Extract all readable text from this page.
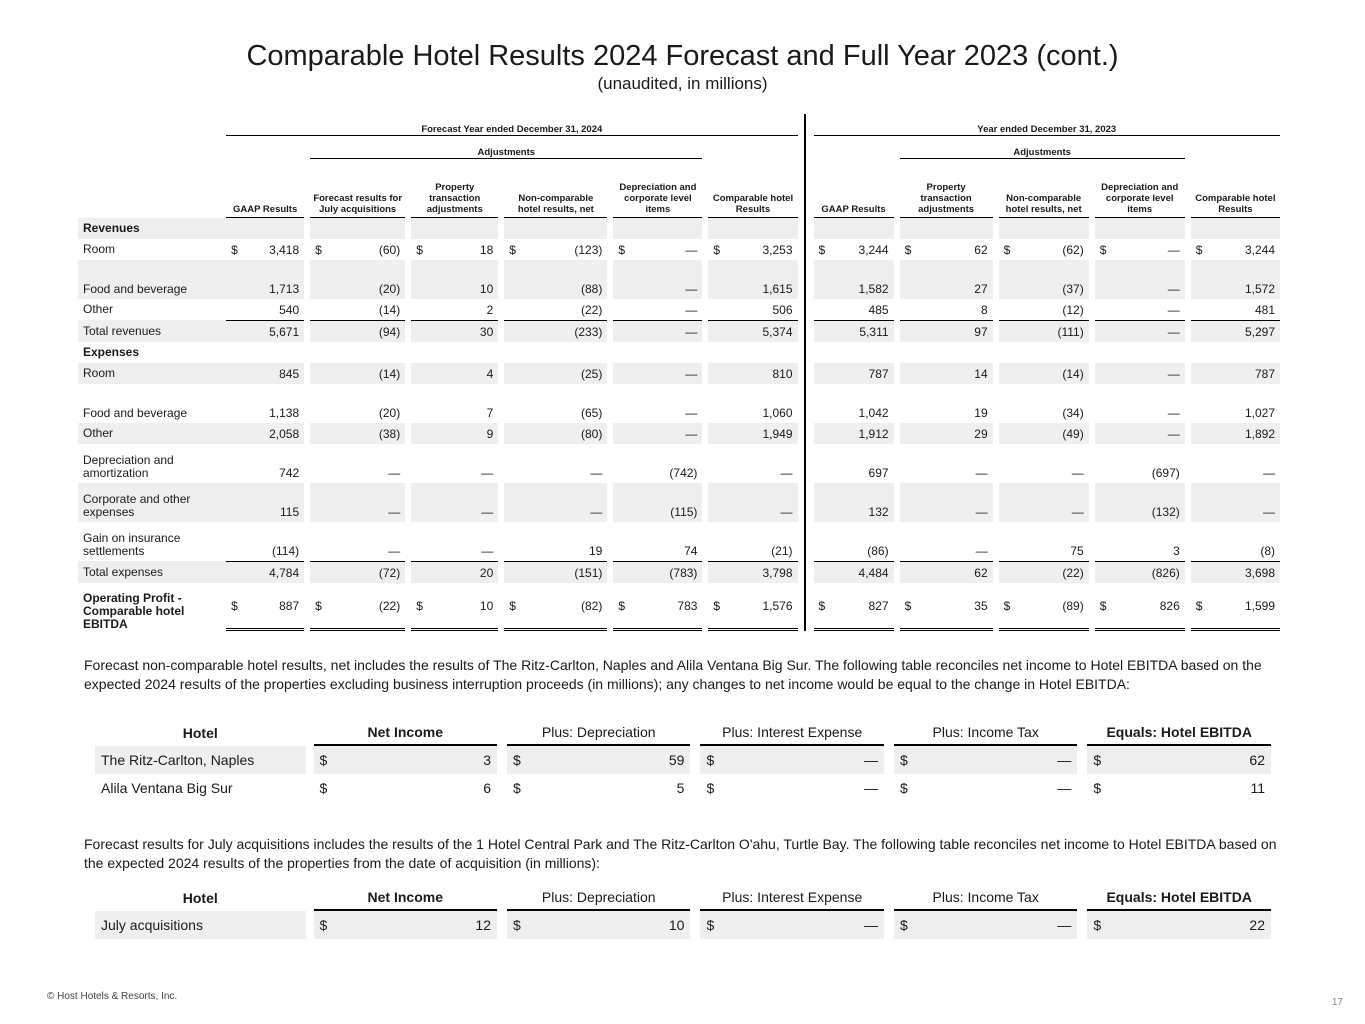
Comparable Hotel Results 2024 Forecast and Full Year 2023 (cont.)
(unaudited, in millions)
	Forecast Year ended December 31, 2024													Year ended December 31, 2023								
			Adjustments													Adjustments						
	GAAP Results		Forecast results for July acquisitions		Property transaction adjustments		Non-comparable hotel results, net		Depreciation and corporate level items		Comparable hotel Results			GAAP Results		Property transaction adjustments		Non-comparable hotel results, net		Depreciation and corporate level items		Comparable hotel Results
Revenues																						
Room	$ 3,418		$ (60)		$ 18		$ (123)		$ —		$ 3,253			$ 3,244		$ 62		$ (62)		$ —		$ 3,244
Food and beverage	1,713		(20)		10		(88)		—		1,615			1,582		27		(37)		—		1,572
Other	540		(14)		2		(22)		—		506			485		8		(12)		—		481
Total revenues	5,671		(94)		30		(233)		—		5,374			5,311		97		(111)		—		5,297
Expenses																						
Room	845		(14)		4		(25)		—		810			787		14		(14)		—		787
Food and beverage	1,138		(20)		7		(65)		—		1,060			1,042		19		(34)		—		1,027
Other	2,058		(38)		9		(80)		—		1,949			1,912		29		(49)		—		1,892
Depreciation and amortization	742		—		—		—		(742)		—			697		—		—		(697)		—
Corporate and other expenses	115		—		—		—		(115)		—			132		—		—		(132)		—
Gain on insurance settlements	(114)		—		—		19		74		(21)			(86)		—		75		3		(8)
Total expenses	4,784		(72)		20		(151)		(783)		3,798			4,484		62		(22)		(826)		3,698
Operating Profit - Comparable hotel EBITDA	$ 887		$ (22)		$ 10		$ (82)		$ 783		$ 1,576			$ 827		$ 35		$ (89)		$ 826		$ 1,599
Forecast non-comparable hotel results, net includes the results of The Ritz-Carlton, Naples and Alila Ventana Big Sur. The following table reconciles net income to Hotel EBITDA based on the expected 2024 results of the properties excluding business interruption proceeds (in millions); any changes to net income would be equal to the change in Hotel EBITDA:
Hotel		Net Income		Plus: Depreciation		Plus: Interest Expense		Plus: Income Tax		Equals: Hotel EBITDA
The Ritz-Carlton, Naples		$ 3		$ 59		$ —		$ —		$ 62
Alila Ventana Big Sur		$ 6		$ 5		$ —		$ —		$ 11
Forecast results for July acquisitions includes the results of the 1 Hotel Central Park and The Ritz-Carlton O'ahu, Turtle Bay. The following table reconciles net income to Hotel EBITDA based on the expected 2024 results of the properties from the date of acquisition (in millions):
Hotel		Net Income		Plus: Depreciation		Plus: Interest Expense		Plus: Income Tax		Equals: Hotel EBITDA
July acquisitions		$ 12		$ 10		$ —		$ —		$ 22
© Host Hotels & Resorts, Inc.
17
